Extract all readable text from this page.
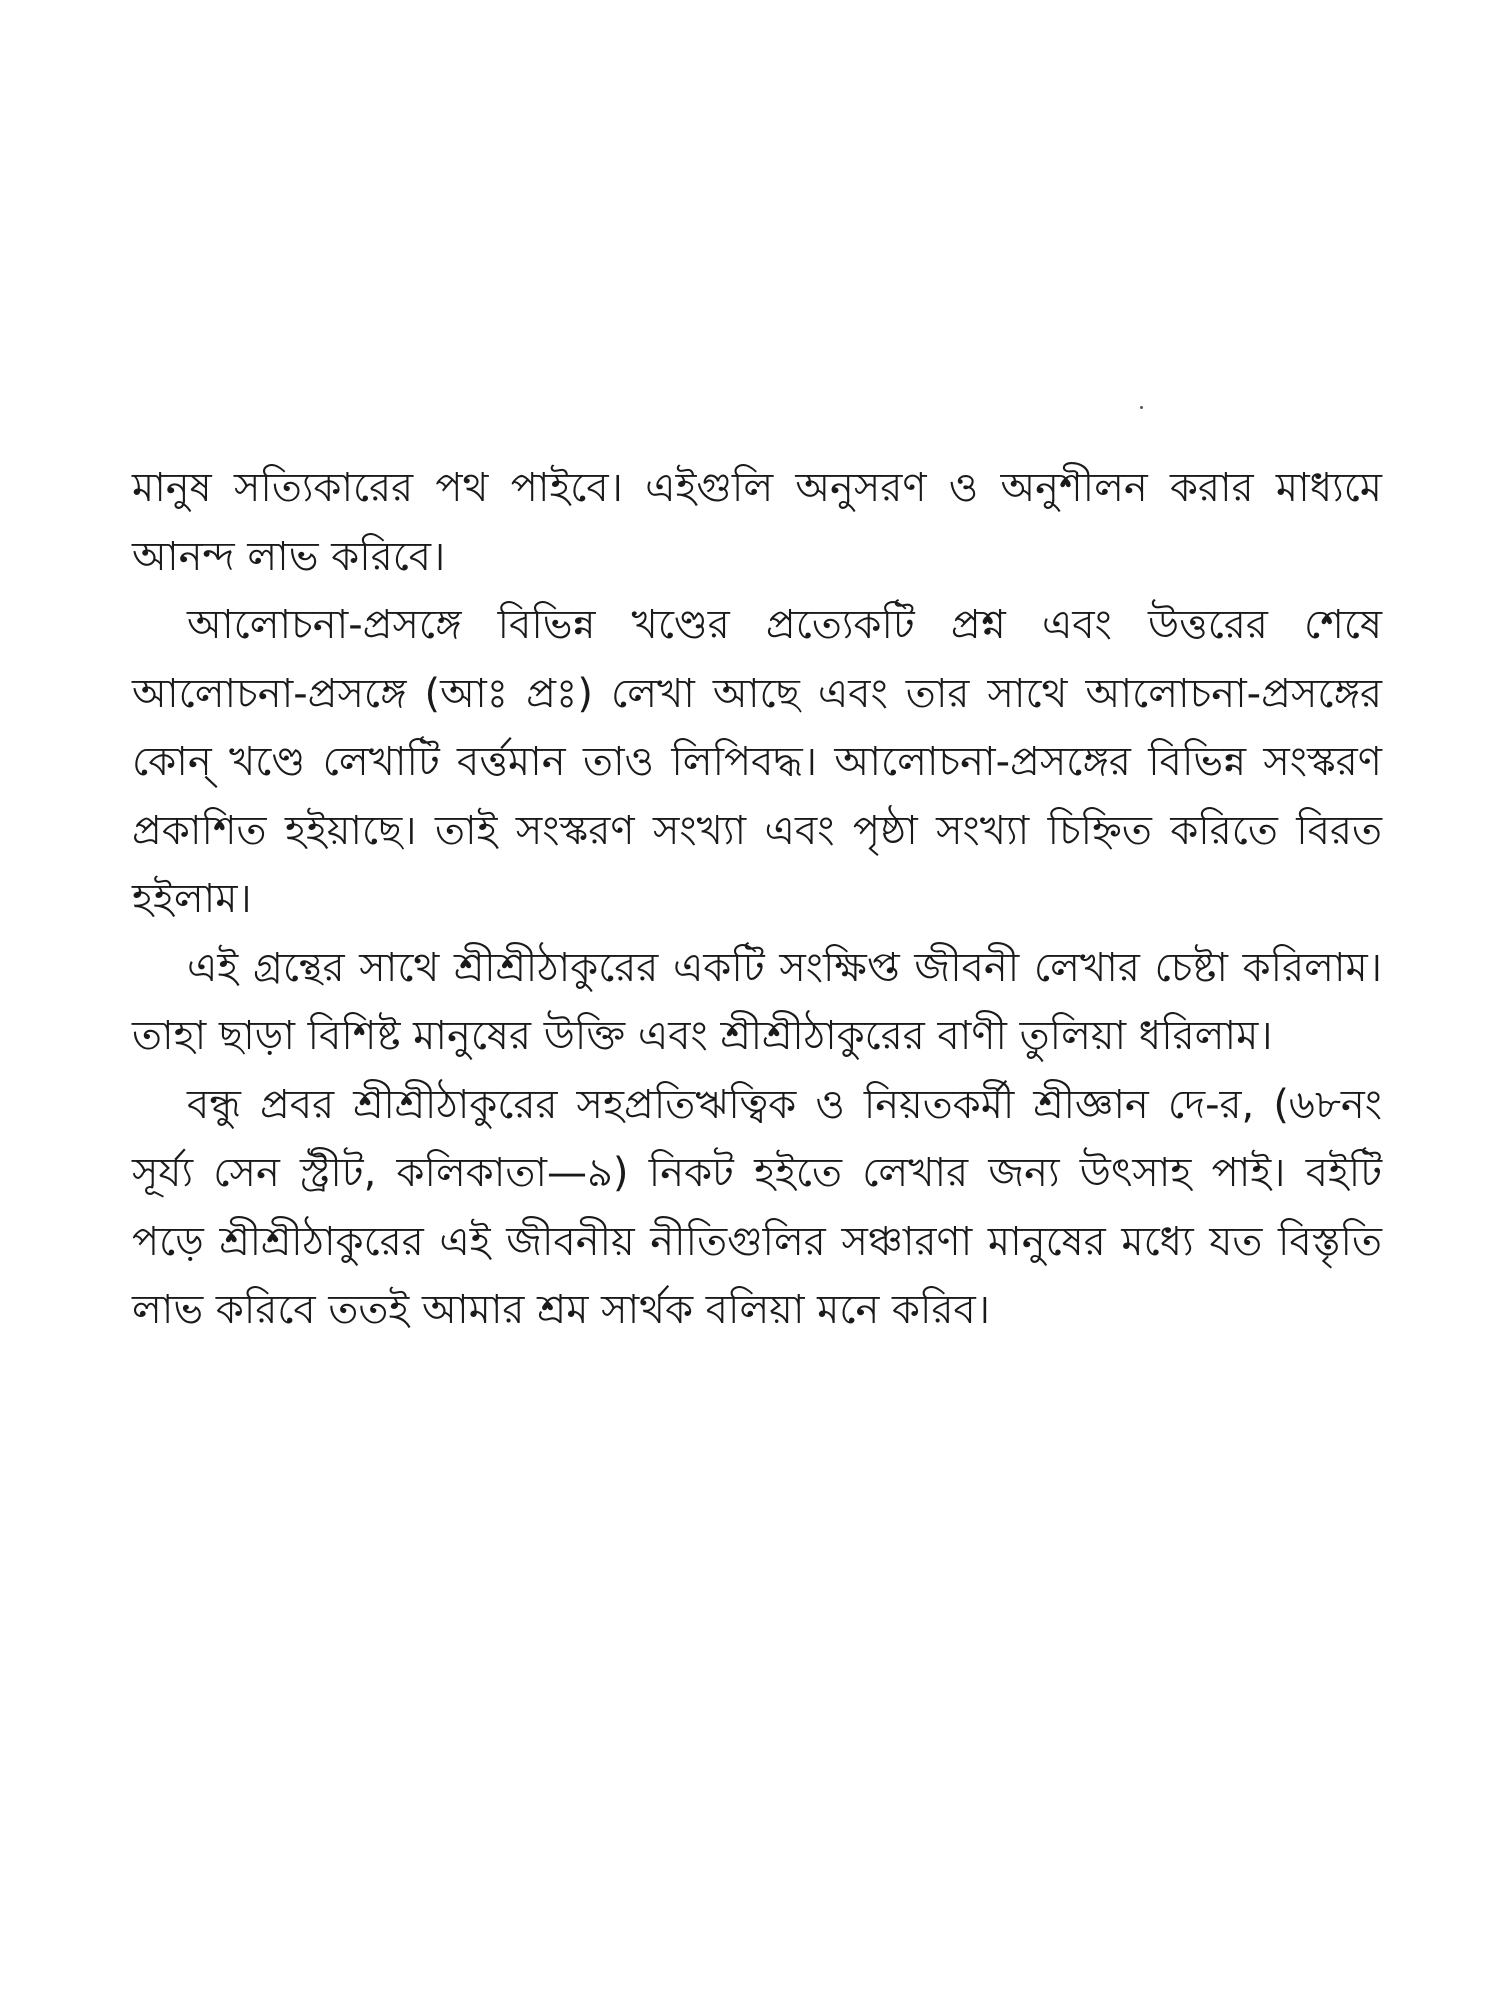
মানুষ সত্যিকারের পথ পাইবে। এইগুলি অনুসরণ ও অনুশীলন করার মাধ্যমে আনন্দ লাভ করিবে।

আলোচনা-প্রসঙ্গে বিভিন্ন খণ্ডের প্রত্যেকটি প্রশ্ন এবং উত্তরের শেষে আলোচনা-প্রসঙ্গে (আঃ প্রঃ) লেখা আছে এবং তার সাথে আলোচনা-প্রসঙ্গের কোন্ খণ্ডে লেখাটি বর্ত্তমান তাও লিপিবদ্ধ। আলোচনা-প্রসঙ্গের বিভিন্ন সংস্করণ প্রকাশিত হইয়াছে। তাই সংস্করণ সংখ্যা এবং পৃষ্ঠা সংখ্যা চিহ্নিত করিতে বিরত হইলাম।

এই গ্রন্থের সাথে শ্রীশ্রীঠাকুরের একটি সংক্ষিপ্ত জীবনী লেখার চেষ্টা করিলাম। তাহা ছাড়া বিশিষ্ট মানুষের উক্তি এবং শ্রীশ্রীঠাকুরের বাণী তুলিয়া ধরিলাম।

বন্ধু প্রবর শ্রীশ্রীঠাকুরের সহপ্রতিঋত্বিক ও নিয়তকর্মী শ্রীজ্ঞান দে-র, (৬৮নং সূর্য্য সেন স্ট্রীট, কলিকাতা—৯) নিকট হইতে লেখার জন্য উৎসাহ পাই। বইটি পড়ে শ্রীশ্রীঠাকুরের এই জীবনীয় নীতিগুলির সঞ্চারণা মানুষের মধ্যে যত বিস্তৃতি লাভ করিবে ততই আমার শ্রম সার্থক বলিয়া মনে করিব।
